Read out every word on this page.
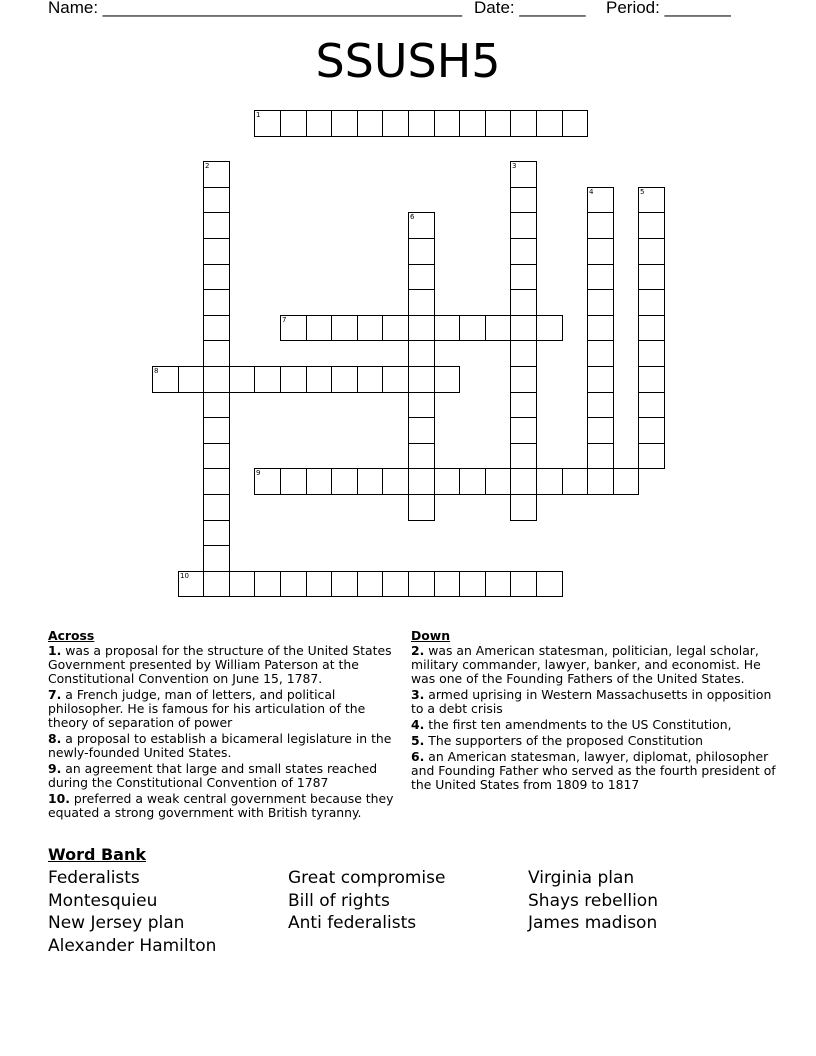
Name: ______________________________________ Date: _______ Period: _______
SSUSH5
1
7
8
9
10
2	3
4	5
6
Across
1. was a proposal for the structure of the United States Government presented by William Paterson at the Constitutional Convention on June 15, 1787.
7. a French judge, man of letters, and political philosopher. He is famous for his articulation of the theory of separation of power
8. a proposal to establish a bicameral legislature in the newly-founded United States.
9. an agreement that large and small states reached during the Constitutional Convention of 1787
10. preferred a weak central government because they equated a strong government with British tyranny.
Down
2. was an American statesman, politician, legal scholar, military commander, lawyer, banker, and economist. He was one of the Founding Fathers of the United States.
3. armed uprising in Western Massachusetts in opposition to a debt crisis
4. the first ten amendments to the US Constitution,
5. The supporters of the proposed Constitution
6. an American statesman, lawyer, diplomat, philosopher and Founding Father who served as the fourth president of the United States from 1809 to 1817
Word Bank
Federalists
Montesquieu
New Jersey plan
Alexander Hamilton
Great compromise
Bill of rights
Anti federalists
Virginia plan
Shays rebellion
James madison
